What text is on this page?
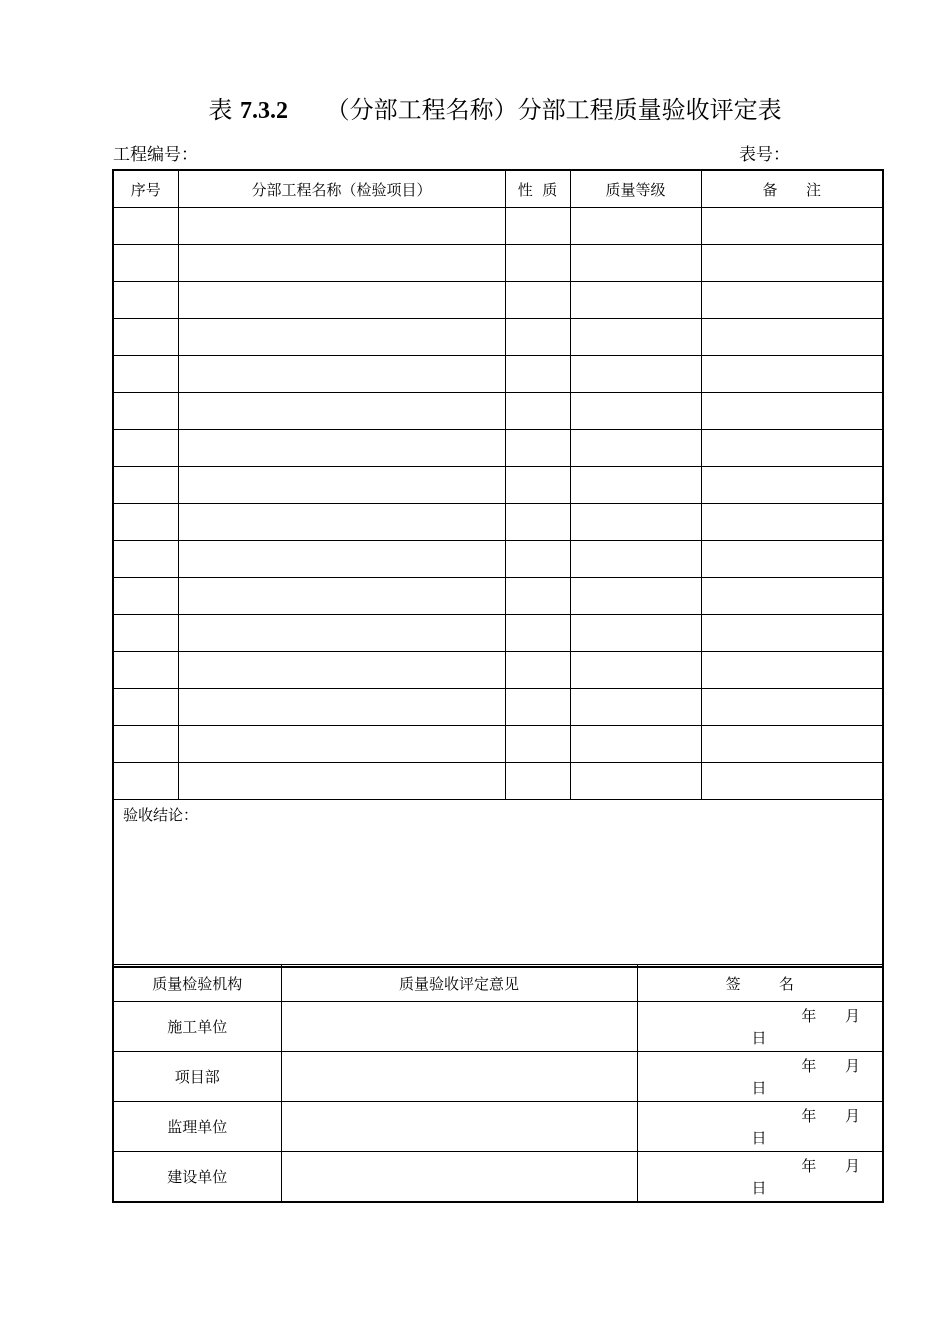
表 7.3.2 （分部工程名称）分部工程质量验收评定表
工程编号：	表号：
序号	分部工程名称（检验项目）	性  质	质量等级	备      注

验收结论：				
质量检验机构	质量验收评定意见	签        名
施工单位		年      月
日

项目部		年      月
日

监理单位		年      月
日

建设单位		年      月
日
